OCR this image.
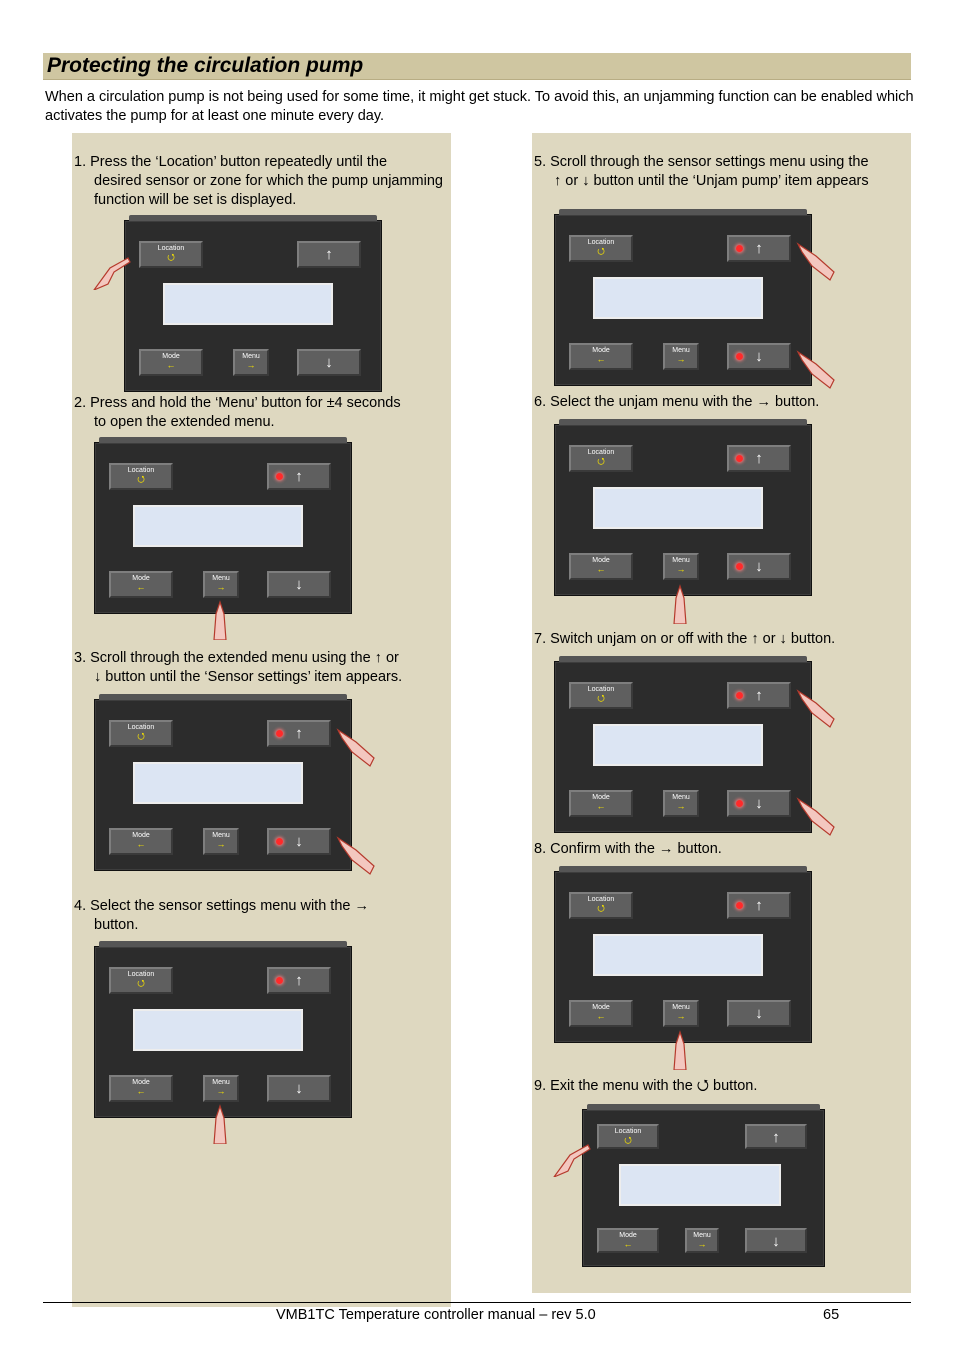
Protecting the circulation pump
When a circulation pump is not being used for some time, it might get stuck. To avoid this, an unjamming function can be enabled which activates the pump for at least one minute every day.
1. Press the ‘Location’ button repeatedly until the
desired sensor or zone for which the pump unjamming function will be set is displayed.
2. Press and hold the ‘Menu’ button for ±4 seconds
to open the extended menu.
3. Scroll through the extended menu using the ↑ or
↓ button until the ‘Sensor settings’ item appears.
4. Select the sensor settings menu with the →
button.
5. Scroll through the sensor settings menu using the
↑ or ↓ button until the ‘Unjam pump’ item appears
6. Select the unjam menu with the → button.
7. Switch unjam on or off with the ↑ or ↓ button.
8. Confirm with the → button.
9. Exit the menu with the ⭯ button.
Location
⭯	↑
Mode
←
Menu
→	↓
Location
⭯	↑
Mode
←
Menu
→	↓
Location
⭯	↑
Mode
←
Menu
→	↓
Location
⭯	↑
Mode
←
Menu
→	↓
Location
⭯	↑
Mode
←
Menu
→	↓
Location
⭯	↑
Mode
←
Menu
→	↓
Location
⭯	↑
Mode
←
Menu
→	↓
Location
⭯	↑
Mode
←
Menu
→	↓
Location
⭯	↑
Mode
←
Menu
→	↓
VMB1TC Temperature controller manual – rev 5.0	65
